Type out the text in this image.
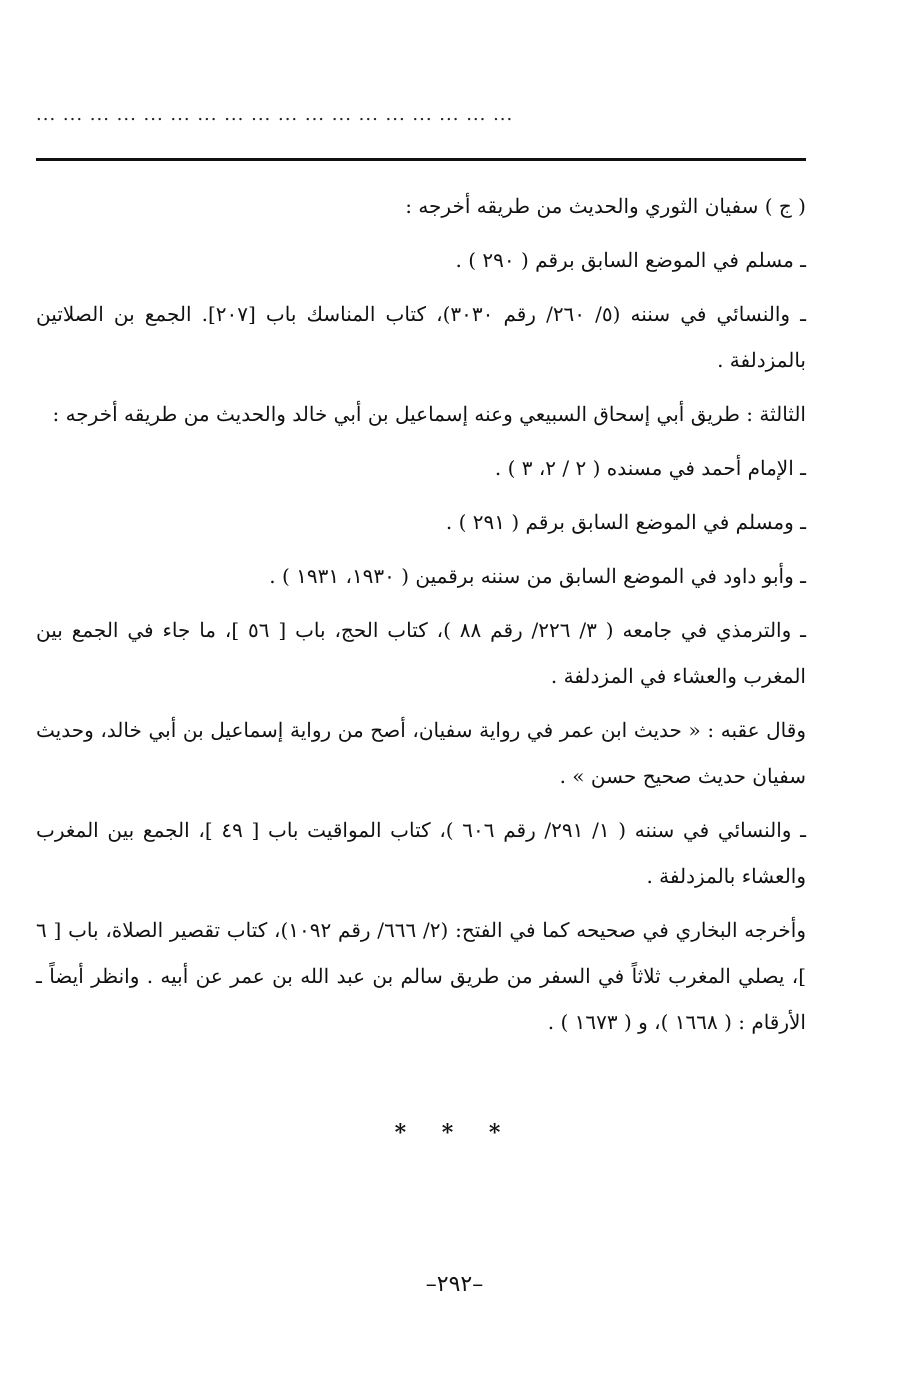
... ... ... ... ... ... ... ... ... ... ... ... ... ... ... ... ... ...

( ج ) سفيان الثوري والحديث من طريقه أخرجه :

ـ مسلم في الموضع السابق برقم ( ٢٩٠ ) .

ـ والنسائي في سننه (٥/ ٢٦٠/ رقم ٣٠٣٠)، كتاب المناسك باب [٢٠٧]. الجمع بن الصلاتين بالمزدلفة .

الثالثة : طريق أبي إسحاق السبيعي وعنه إسماعيل بن أبي خالد والحديث من طريقه أخرجه :

ـ الإمام أحمد في مسنده ( ٢ / ٢، ٣ ) .

ـ ومسلم في الموضع السابق برقم ( ٢٩١ ) .

ـ وأبو داود في الموضع السابق من سننه برقمين ( ١٩٣٠، ١٩٣١ ) .

ـ والترمذي في جامعه ( ٣/ ٢٢٦/ رقم ٨٨ )، كتاب الحج، باب [ ٥٦ ]، ما جاء في الجمع بين المغرب والعشاء في المزدلفة .

وقال عقبه : « حديث ابن عمر في رواية سفيان، أصح من رواية إسماعيل بن أبي خالد، وحديث سفيان حديث صحيح حسن » .

ـ والنسائي في سننه ( ١/ ٢٩١/ رقم ٦٠٦ )، كتاب المواقيت باب [ ٤٩ ]، الجمع بين المغرب والعشاء بالمزدلفة .

وأخرجه البخاري في صحيحه كما في الفتح: (٢/ ٦٦٦/ رقم ١٠٩٢)، كتاب تقصير الصلاة، باب [ ٦ ]، يصلي المغرب ثلاثاً في السفر من طريق سالم بن عبد الله بن عمر عن أبيه . وانظر أيضاً ـ الأرقام : ( ١٦٦٨ )، و ( ١٦٧٣ ) .

* * *
–٢٩٢–
